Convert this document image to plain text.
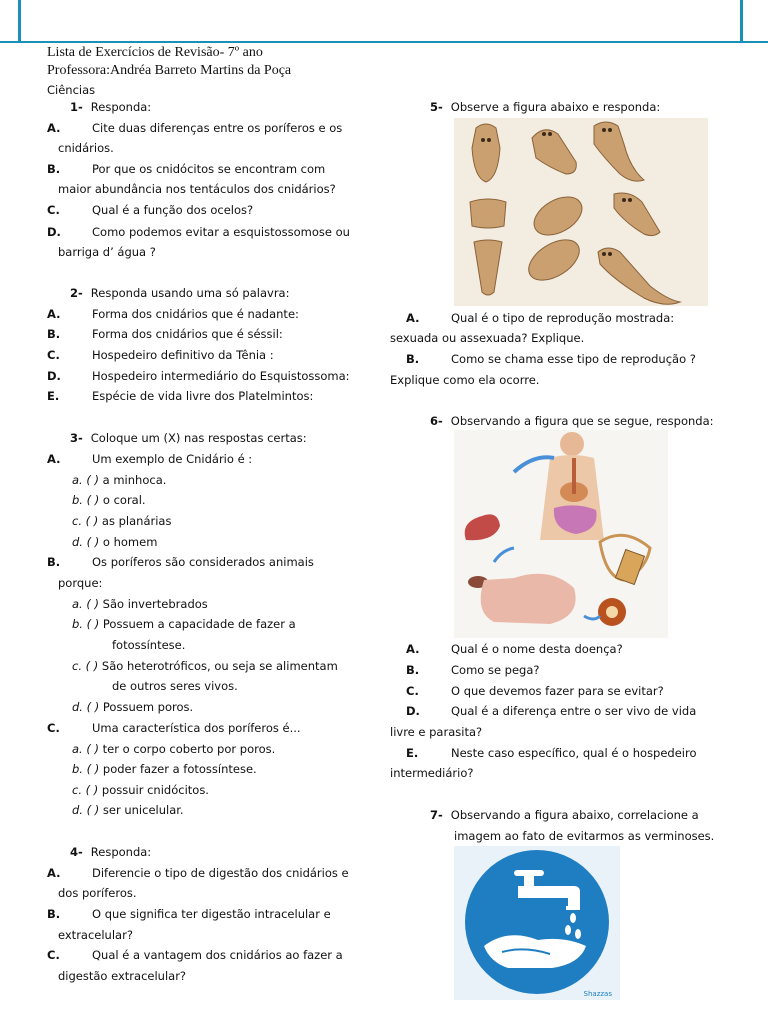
Lista de Exercícios de Revisão- 7º ano
Professora:Andréa Barreto Martins da Poça
Ciências
1- Responda:
A.	Cite duas diferenças entre os poríferos e os
cnidários.
B.	Por que os cnidócitos se encontram com
maior abundância nos tentáculos dos cnidários?
C.	Qual é a função dos ocelos?
D.	Como podemos evitar a esquistossomose ou
barriga d’ água ?
2- Responda usando uma só palavra:
A.	Forma dos cnidários que é nadante:
B.	Forma dos cnidários que é séssil:
C.	Hospedeiro definitivo da Tênia :
D.	Hospedeiro intermediário do Esquistossoma:
E.	Espécie de vida livre dos Platelmintos:
3- Coloque um (X) nas respostas certas:
A.	Um exemplo de Cnidário é :
a. ( ) a minhoca.
b. ( ) o coral.
c. ( ) as planárias
d. ( ) o homem
B.	Os poríferos são considerados animais
porque:
a. ( ) São invertebrados
b. ( ) Possuem a capacidade de fazer a
fotossíntese.
c. ( ) São heterotróficos, ou seja se alimentam
de outros seres vivos.
d. ( ) Possuem poros.
C.	Uma característica dos poríferos é...
a. ( ) ter o corpo coberto por poros.
b. ( ) poder fazer a fotossíntese.
c. ( ) possuir cnidócitos.
d. ( ) ser unicelular.
4- Responda:
A.	Diferencie o tipo de digestão dos cnidários e
dos poríferos.
B.	O que significa ter digestão intracelular e
extracelular?
C.	Qual é a vantagem dos cnidários ao fazer a
digestão extracelular?
5- Observe a figura abaixo e responda:
A.	Qual é o tipo de reprodução mostrada:
sexuada ou assexuada? Explique.
B.	Como se chama esse tipo de reprodução ?
Explique como ela ocorre.
6- Observando a figura que se segue, responda:
A.	Qual é o nome desta doença?
B.	Como se pega?
C.	O que devemos fazer para se evitar?
D.	Qual é a diferença entre o ser vivo de vida
livre e parasita?
E.	Neste caso específico, qual é o hospedeiro
intermediário?
7- Observando a figura abaixo, correlacione a
imagem ao fato de evitarmos as verminoses.
Shazzas
